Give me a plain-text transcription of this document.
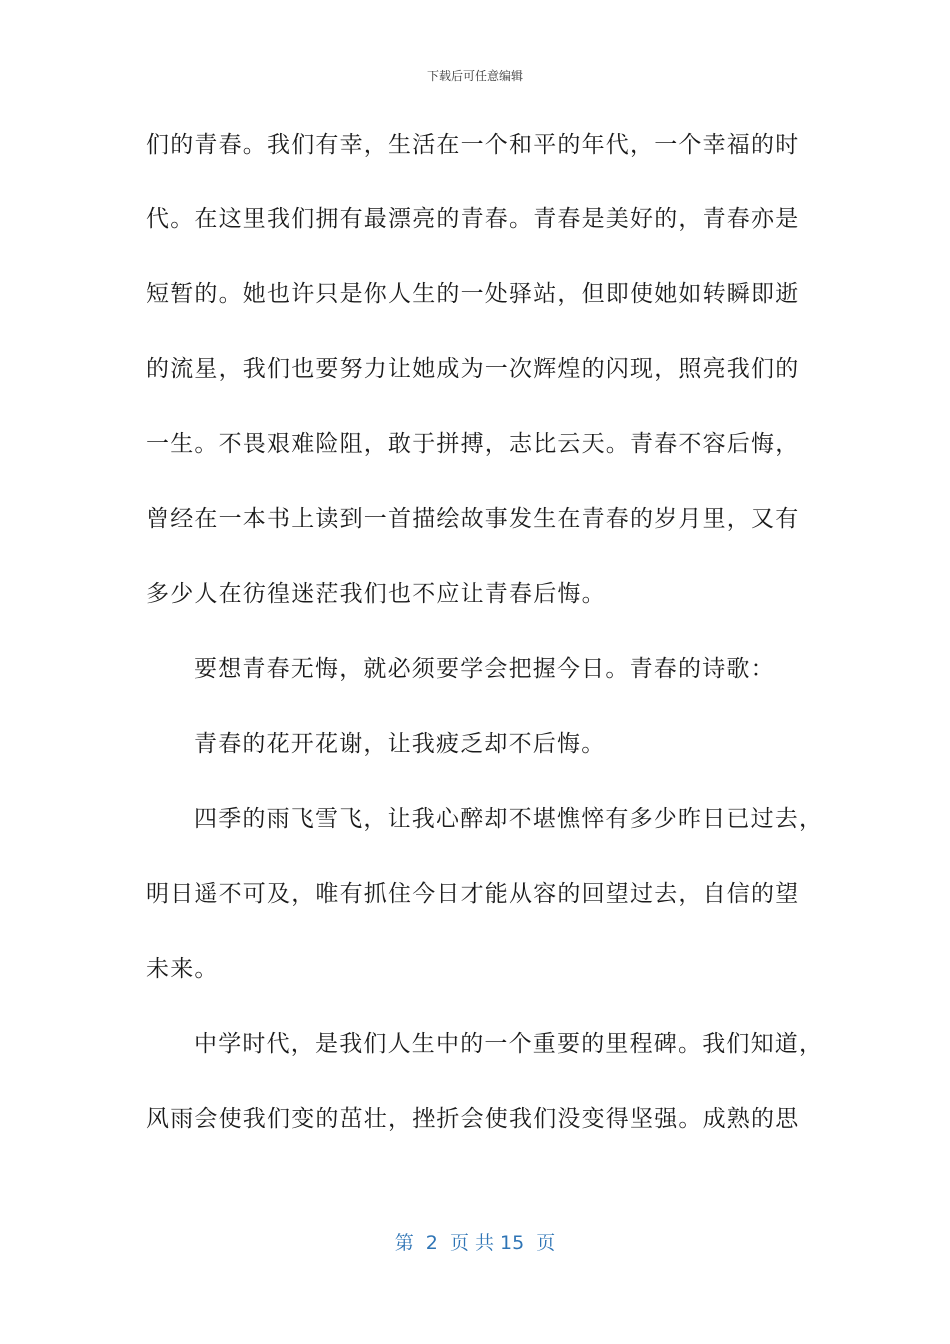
下载后可任意编辑
们的青春。我们有幸，生活在一个和平的年代，一个幸福的时
代。在这里我们拥有最漂亮的青春。青春是美好的，青春亦是
短暂的。她也许只是你人生的一处驿站，但即使她如转瞬即逝
的流星，我们也要努力让她成为一次辉煌的闪现，照亮我们的
一生。不畏艰难险阻，敢于拼搏，志比云天。青春不容后悔，
曾经在一本书上读到一首描绘故事发生在青春的岁月里，又有
多少人在彷徨迷茫我们也不应让青春后悔。
要想青春无悔，就必须要学会把握今日。青春的诗歌：
青春的花开花谢，让我疲乏却不后悔。
四季的雨飞雪飞，让我心醉却不堪憔悴有多少昨日已过去，
明日遥不可及，唯有抓住今日才能从容的回望过去，自信的望
未来。
中学时代，是我们人生中的一个重要的里程碑。我们知道，
风雨会使我们变的茁壮，挫折会使我们没变得坚强。成熟的思
第  2  页 共 15  页
